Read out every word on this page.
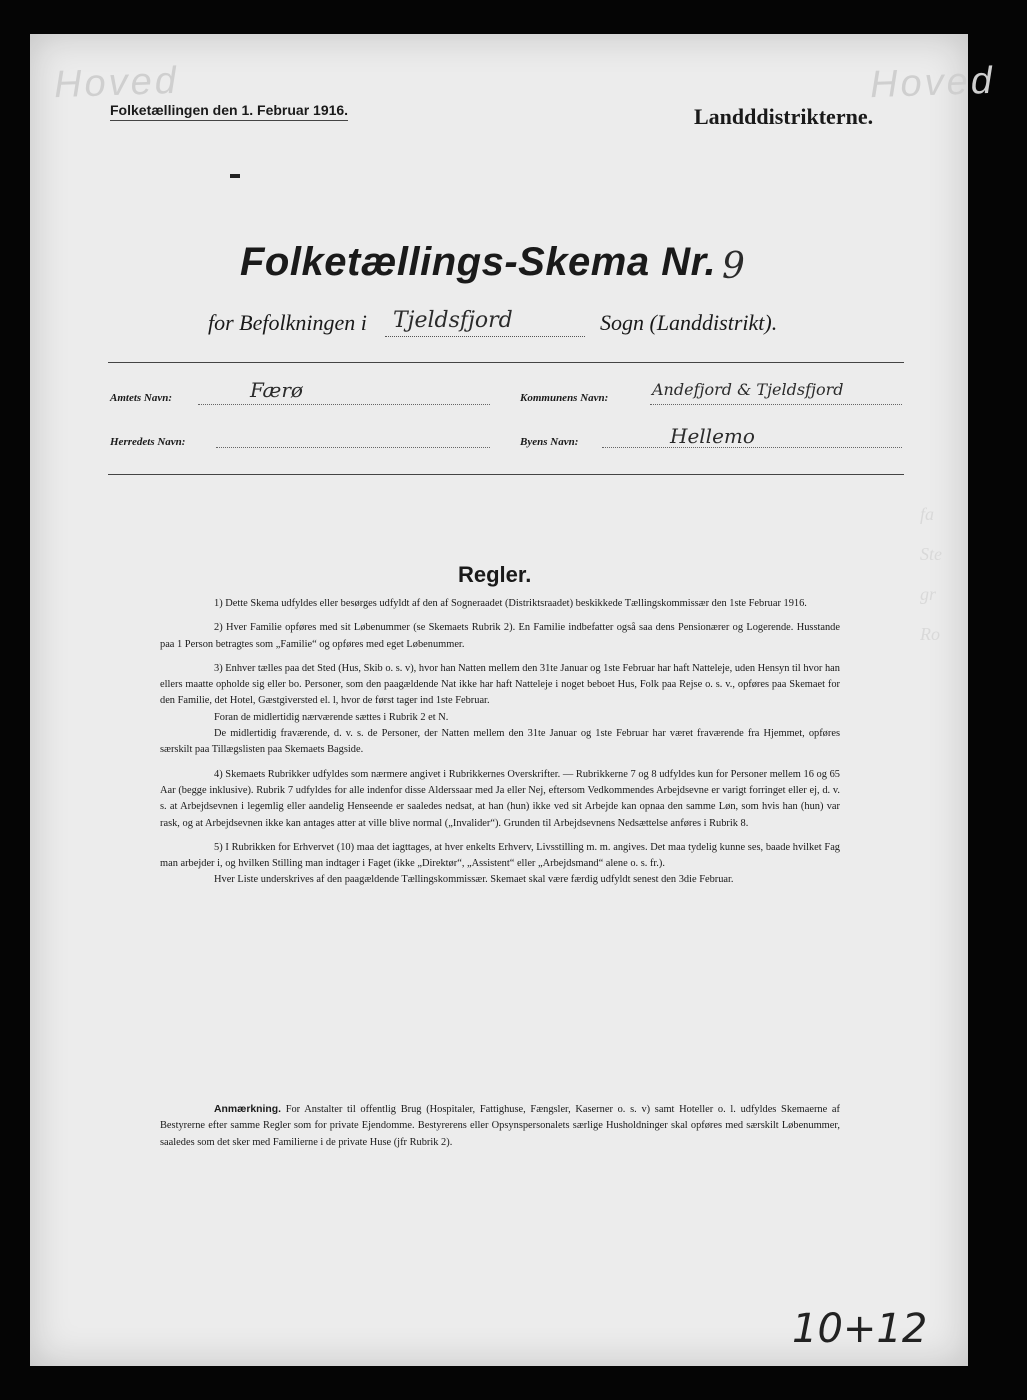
Hoved	Hoved
fa
Ste
gr
Ro
Folketællingen den 1. Februar 1916.	Landddistrikterne.
Folketællings-Skema Nr. 9
for Befolkningen i Tjeldsfjord	Sogn (Landdistrikt).
Amtets Navn:	Færø	Kommunens Navn:	Andefjord & Tjeldsfjord
Herredets Navn:	Byens Navn:	Hellemo
Regler.

1) Dette Skema udfyldes eller besørges udfyldt af den af Sogneraadet (Distriktsraadet) beskikkede Tællingskommissær den 1ste Februar 1916.

2) Hver Familie opføres med sit Løbenummer (se Skemaets Rubrik 2). En Familie indbefatter også saa dens Pensionærer og Logerende. Husstande paa 1 Person betragtes som „Familie“ og opføres med eget Løbenummer.

3) Enhver tælles paa det Sted (Hus, Skib o. s. v), hvor han Natten mellem den 31te Januar og 1ste Februar har haft Natteleje, uden Hensyn til hvor han ellers maatte opholde sig eller bo. Personer, som den paagældende Nat ikke har haft Natteleje i noget beboet Hus, Folk paa Rejse o. s. v., opføres paa Skemaet for den Familie, det Hotel, Gæstgiversted el. l, hvor de først tager ind 1ste Februar.

Foran de midlertidig nærværende sættes i Rubrik 2 et N.

De midlertidig fraværende, d. v. s. de Personer, der Natten mellem den 31te Januar og 1ste Februar har været fraværende fra Hjemmet, opføres særskilt paa Tillægslisten paa Skemaets Bagside.

4) Skemaets Rubrikker udfyldes som nærmere angivet i Rubrikkernes Overskrifter. — Rubrikkerne 7 og 8 udfyldes kun for Personer mellem 16 og 65 Aar (begge inklusive). Rubrik 7 udfyldes for alle indenfor disse Alderssaar med Ja eller Nej, eftersom Vedkommendes Arbejdsevne er varigt forringet eller ej, d. v. s. at Arbejdsevnen i legemlig eller aandelig Henseende er saaledes nedsat, at han (hun) ikke ved sit Arbejde kan opnaa den samme Løn, som hvis han (hun) var rask, og at Arbejdsevnen ikke kan antages atter at ville blive normal („Invalider“). Grunden til Arbejdsevnens Nedsættelse anføres i Rubrik 8.

5) I Rubrikken for Erhvervet (10) maa det iagttages, at hver enkelts Erhverv, Livsstilling m. m. angives. Det maa tydelig kunne ses, baade hvilket Fag man arbejder i, og hvilken Stilling man indtager i Faget (ikke „Direktør“, „Assistent“ eller „Arbejdsmand“ alene o. s. fr.).

Hver Liste underskrives af den paagældende Tællingskommissær. Skemaet skal være færdig udfyldt senest den 3die Februar.

Anmærkning. For Anstalter til offentlig Brug (Hospitaler, Fattighuse, Fængsler, Kaserner o. s. v) samt Hoteller o. l. udfyldes Skemaerne af Bestyrerne efter samme Regler som for private Ejendomme. Bestyrerens eller Opsynspersonalets særlige Husholdninger skal opføres med særskilt Løbenummer, saaledes som det sker med Familierne i de private Huse (jfr Rubrik 2).

10+12
